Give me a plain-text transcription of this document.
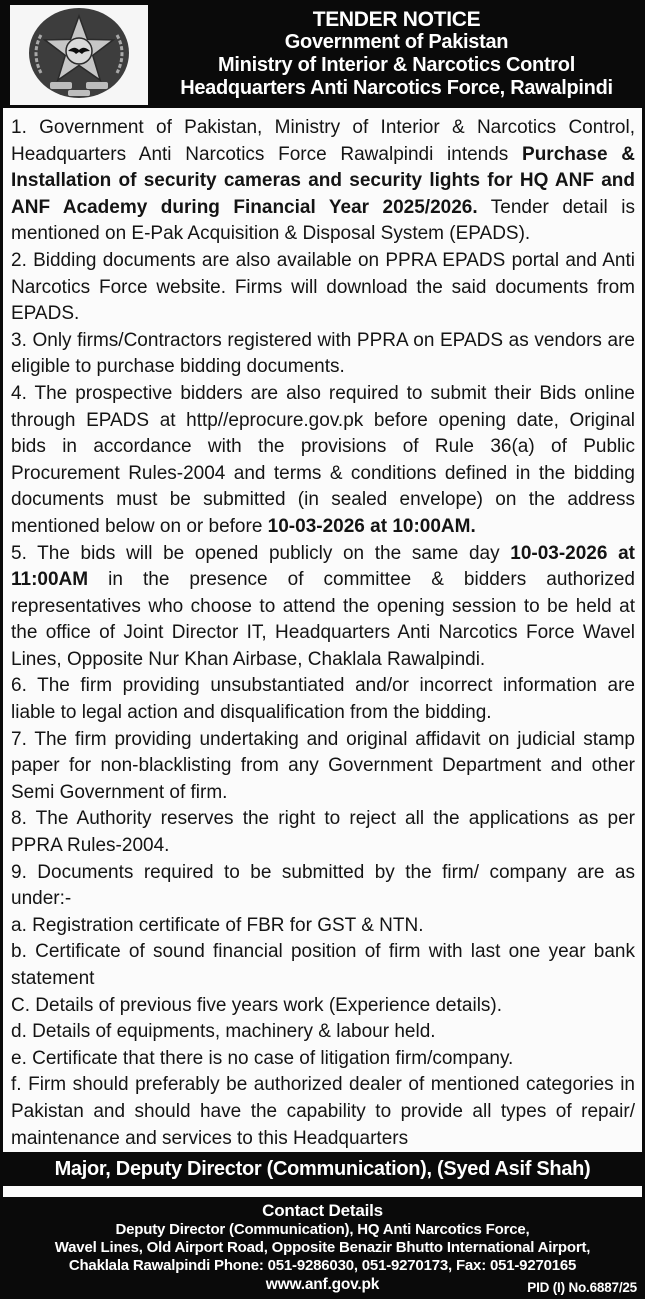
TENDER NOTICE
Government of Pakistan
Ministry of Interior & Narcotics Control
Headquarters Anti Narcotics Force, Rawalpindi

1. Government of Pakistan, Ministry of Interior & Narcotics Control, Headquarters Anti Narcotics Force Rawalpindi intends Purchase & Installation of security cameras and security lights for HQ ANF and ANF Academy during Financial Year 2025/2026. Tender detail is mentioned on E-Pak Acquisition & Disposal System (EPADS).

2. Bidding documents are also available on PPRA EPADS portal and Anti Narcotics Force website. Firms will download the said documents from EPADS.

3. Only firms/Contractors registered with PPRA on EPADS as vendors are eligible to purchase bidding documents.

4. The prospective bidders are also required to submit their Bids online through EPADS at http//eprocure.gov.pk before opening date, Original bids in accordance with the provisions of Rule 36(a) of Public Procurement Rules-2004 and terms & conditions defined in the bidding documents must be submitted (in sealed envelope) on the address mentioned below on or before 10-03-2026 at 10:00AM.

5. The bids will be opened publicly on the same day 10-03-2026 at 11:00AM in the presence of committee & bidders authorized representatives who choose to attend the opening session to be held at the office of Joint Director IT, Headquarters Anti Narcotics Force Wavel Lines, Opposite Nur Khan Airbase, Chaklala Rawalpindi.

6. The firm providing unsubstantiated and/or incorrect information are liable to legal action and disqualification from the bidding.

7. The firm providing undertaking and original affidavit on judicial stamp paper for non-blacklisting from any Government Department and other Semi Government of firm.

8. The Authority reserves the right to reject all the applications as per PPRA Rules-2004.

9. Documents required to be submitted by the firm/ company are as under:-

a. Registration certificate of FBR for GST & NTN.

b. Certificate of sound financial position of firm with last one year bank statement

C. Details of previous five years work (Experience details).

d. Details of equipments, machinery & labour held.

e. Certificate that there is no case of litigation firm/company.

f. Firm should preferably be authorized dealer of mentioned categories in Pakistan and should have the capability to provide all types of repair/ maintenance and services to this Headquarters

Major, Deputy Director (Communication), (Syed Asif Shah)
Contact Details
Deputy Director (Communication), HQ Anti Narcotics Force,
Wavel Lines, Old Airport Road, Opposite Benazir Bhutto International Airport,
Chaklala Rawalpindi Phone: 051-9286030, 051-9270173, Fax: 051-9270165
www.anf.gov.pk	PID (I) No.6887/25
